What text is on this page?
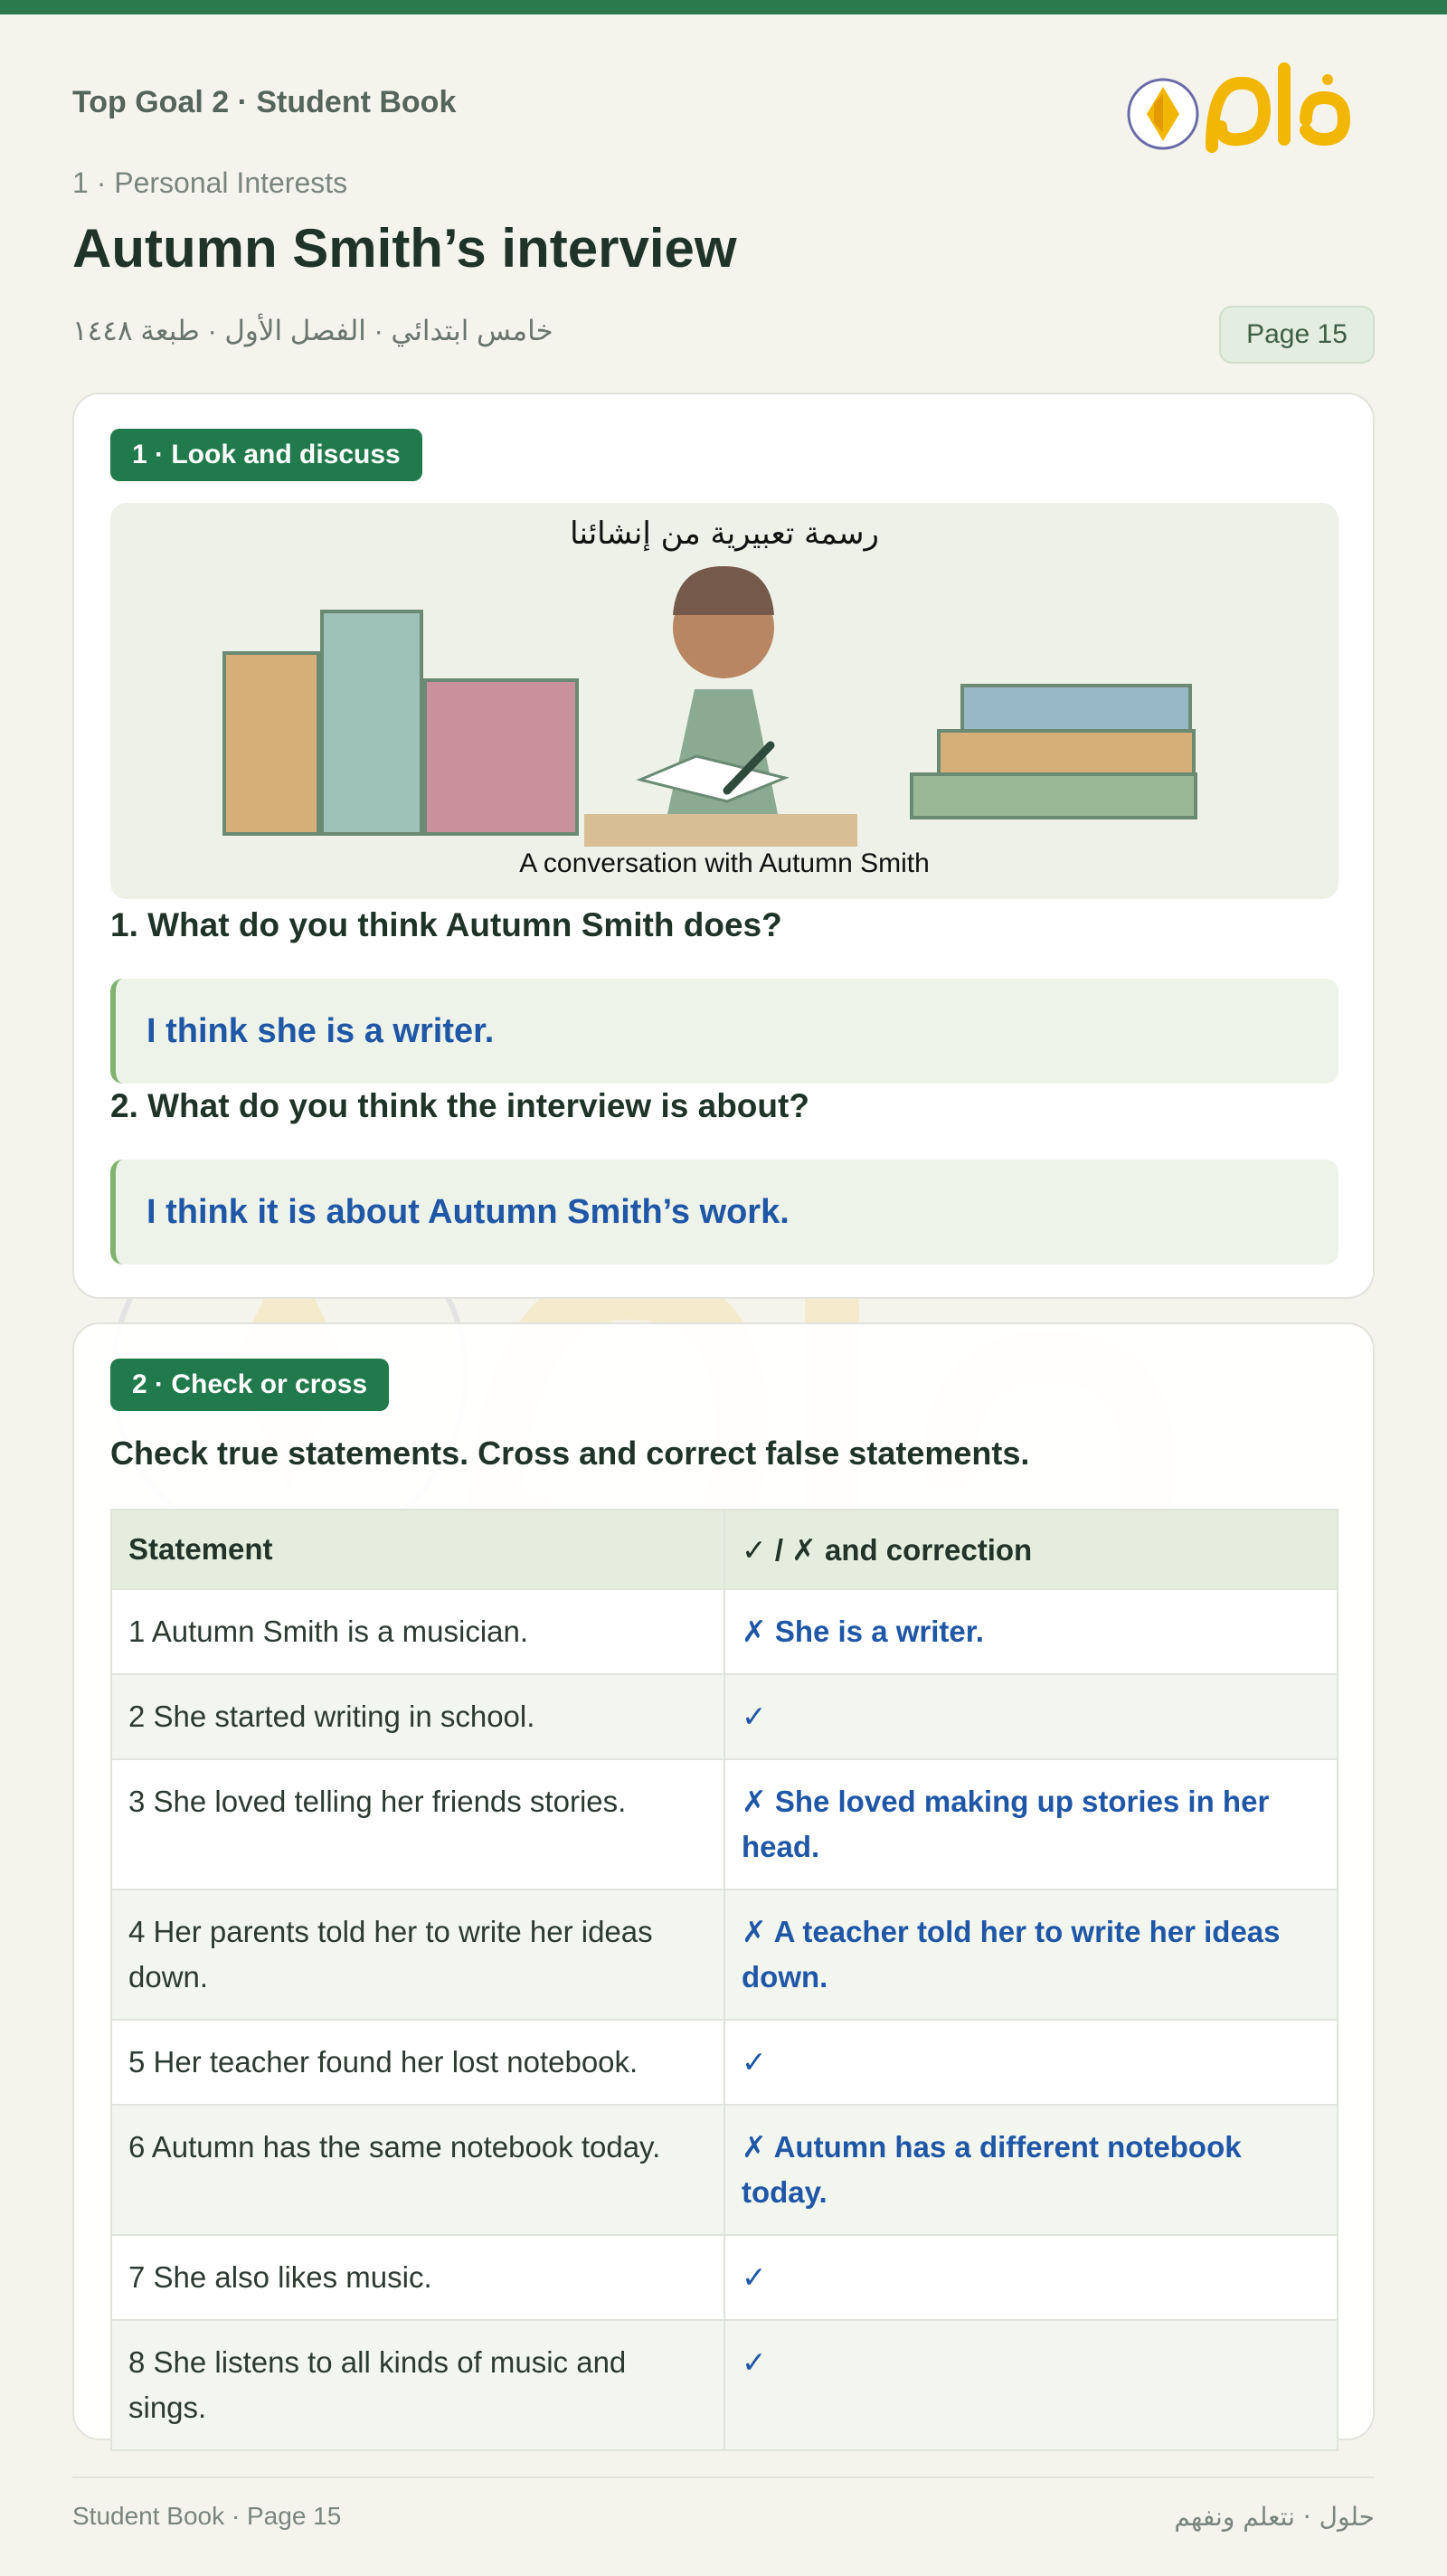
Top Goal 2 · Student Book
1 · Personal Interests
Autumn Smith’s interview
خامس ابتدائي · الفصل الأول · طبعة ١٤٤٨	Page 15
1 · Look and discuss
رسمة تعبيرية من إنشائنا
A conversation with Autumn Smith
1. What do you think Autumn Smith does?
I think she is a writer.
2. What do you think the interview is about?
I think it is about Autumn Smith’s work.
2 · Check or cross
Check true statements. Cross and correct false statements.
Statement	✓ / ✗ and correction
1 Autumn Smith is a musician.	✗ She is a writer.
2 She started writing in school.	✓
3 She loved telling her friends stories.	✗ She loved making up stories in her head.
4 Her parents told her to write her ideas down.	✗ A teacher told her to write her ideas down.
5 Her teacher found her lost notebook.	✓
6 Autumn has the same notebook today.	✗ Autumn has a different notebook today.
7 She also likes music.	✓
8 She listens to all kinds of music and sings.	✓
Student Book · Page 15	حلول · نتعلم ونفهم
